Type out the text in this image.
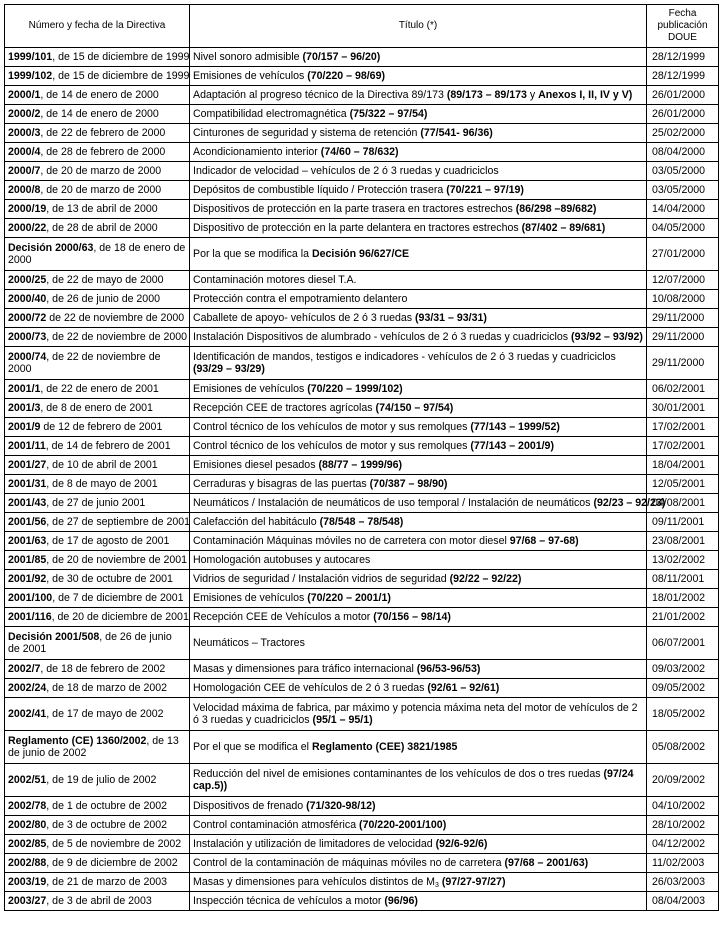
Número y fecha de la Directiva	Título (*)	Fecha
publicación
DOUE
1999/101, de 15 de diciembre de 1999	Nivel sonoro admisible (70/157 – 96/20)	28/12/1999
1999/102, de 15 de diciembre de 1999	Emisiones de vehículos (70/220 – 98/69)	28/12/1999
2000/1, de 14 de enero de 2000	Adaptación al progreso técnico de la Directiva 89/173 (89/173 – 89/173 y Anexos I, II, IV y V)	26/01/2000
2000/2, de 14 de enero de 2000	Compatibilidad electromagnética (75/322 – 97/54)	26/01/2000
2000/3, de 22 de febrero de 2000	Cinturones de seguridad y sistema de retención (77/541- 96/36)	25/02/2000
2000/4, de 28 de febrero de 2000	Acondicionamiento interior (74/60 – 78/632)	08/04/2000
2000/7, de 20 de marzo de 2000	Indicador de velocidad – vehículos de 2 ó 3 ruedas y cuadriciclos	03/05/2000
2000/8, de 20 de marzo de 2000	Depósitos de combustible líquido / Protección trasera (70/221 – 97/19)	03/05/2000
2000/19, de 13 de abril de 2000	Dispositivos de protección en la parte trasera en tractores estrechos (86/298 –89/682)	14/04/2000
2000/22, de 28 de abril de 2000	Dispositivo de protección en la parte delantera en tractores estrechos (87/402 – 89/681)	04/05/2000
Decisión 2000/63, de 18 de enero de 2000	Por la que se modifica la Decisión 96/627/CE	27/01/2000
2000/25, de 22 de mayo de 2000	Contaminación motores diesel T.A.	12/07/2000
2000/40, de 26 de junio de 2000	Protección contra el empotramiento delantero	10/08/2000
2000/72 de 22 de noviembre de 2000	Caballete de apoyo- vehículos de 2 ó 3 ruedas (93/31 – 93/31)	29/11/2000
2000/73, de 22 de noviembre de 2000	Instalación Dispositivos de alumbrado - vehículos de 2 ó 3 ruedas y cuadriciclos (93/92 – 93/92)	29/11/2000
2000/74, de 22 de noviembre de 2000	Identificación de mandos, testigos e indicadores - vehículos de 2 ó 3 ruedas y cuadriciclos (93/29 – 93/29)	29/11/2000
2001/1, de 22 de enero de 2001	Emisiones de vehículos (70/220 – 1999/102)	06/02/2001
2001/3, de 8 de enero de 2001	Recepción CEE de tractores agrícolas (74/150 – 97/54)	30/01/2001
2001/9 de 12 de febrero de 2001	Control técnico de los vehículos de motor y sus remolques (77/143 – 1999/52)	17/02/2001
2001/11, de 14 de febrero de 2001	Control técnico de los vehículos de motor y sus remolques (77/143 – 2001/9)	17/02/2001
2001/27, de 10 de abril de 2001	Emisiones diesel pesados (88/77 – 1999/96)	18/04/2001
2001/31, de 8 de mayo de 2001	Cerraduras y bisagras de las puertas (70/387 – 98/90)	12/05/2001
2001/43, de 27 de junio 2001	Neumáticos / Instalación de neumáticos de uso temporal / Instalación de neumáticos (92/23 – 92/23)	04/08/2001
2001/56, de 27 de septiembre de 2001	Calefacción del habitáculo (78/548 – 78/548)	09/11/2001
2001/63, de 17 de agosto de 2001	Contaminación Máquinas móviles no de carretera con motor diesel 97/68 – 97-68)	23/08/2001
2001/85, de 20 de noviembre de 2001	Homologación autobuses y autocares	13/02/2002
2001/92, de 30 de octubre de 2001	Vidrios de seguridad / Instalación vidrios de seguridad (92/22 – 92/22)	08/11/2001
2001/100, de 7 de diciembre de 2001	Emisiones de vehículos (70/220 – 2001/1)	18/01/2002
2001/116, de 20 de diciembre de 2001	Recepción CEE de Vehículos a motor (70/156 – 98/14)	21/01/2002
Decisión 2001/508, de 26 de junio de 2001	Neumáticos – Tractores	06/07/2001
2002/7, de 18 de febrero de 2002	Masas y dimensiones para tráfico internacional (96/53-96/53)	09/03/2002
2002/24, de 18 de marzo de 2002	Homologación CEE de vehículos de 2 ó 3 ruedas (92/61 – 92/61)	09/05/2002
2002/41, de 17 de mayo de 2002	Velocidad máxima de fabrica, par máximo y potencia máxima neta del motor de vehículos de 2 ó 3 ruedas y cuadriciclos (95/1 – 95/1)	18/05/2002
Reglamento (CE) 1360/2002, de 13 de junio de 2002	Por el que se modifica el Reglamento (CEE) 3821/1985	05/08/2002
2002/51, de 19 de julio de 2002	Reducción del nivel de emisiones contaminantes de los vehículos de dos o tres ruedas (97/24 cap.5))	20/09/2002
2002/78, de 1 de octubre de 2002	Dispositivos de frenado (71/320-98/12)	04/10/2002
2002/80, de 3 de octubre de 2002	Control contaminación atmosférica (70/220-2001/100)	28/10/2002
2002/85, de 5 de noviembre de 2002	Instalación y utilización de limitadores de velocidad (92/6-92/6)	04/12/2002
2002/88, de 9 de diciembre de 2002	Control de la contaminación de máquinas móviles no de carretera (97/68 – 2001/63)	11/02/2003
2003/19, de 21 de marzo de 2003	Masas y dimensiones para vehículos distintos de $M_3$ (97/27-97/27)	26/03/2003
2003/27, de 3 de abril de 2003	Inspección técnica de vehículos a motor (96/96)	08/04/2003
